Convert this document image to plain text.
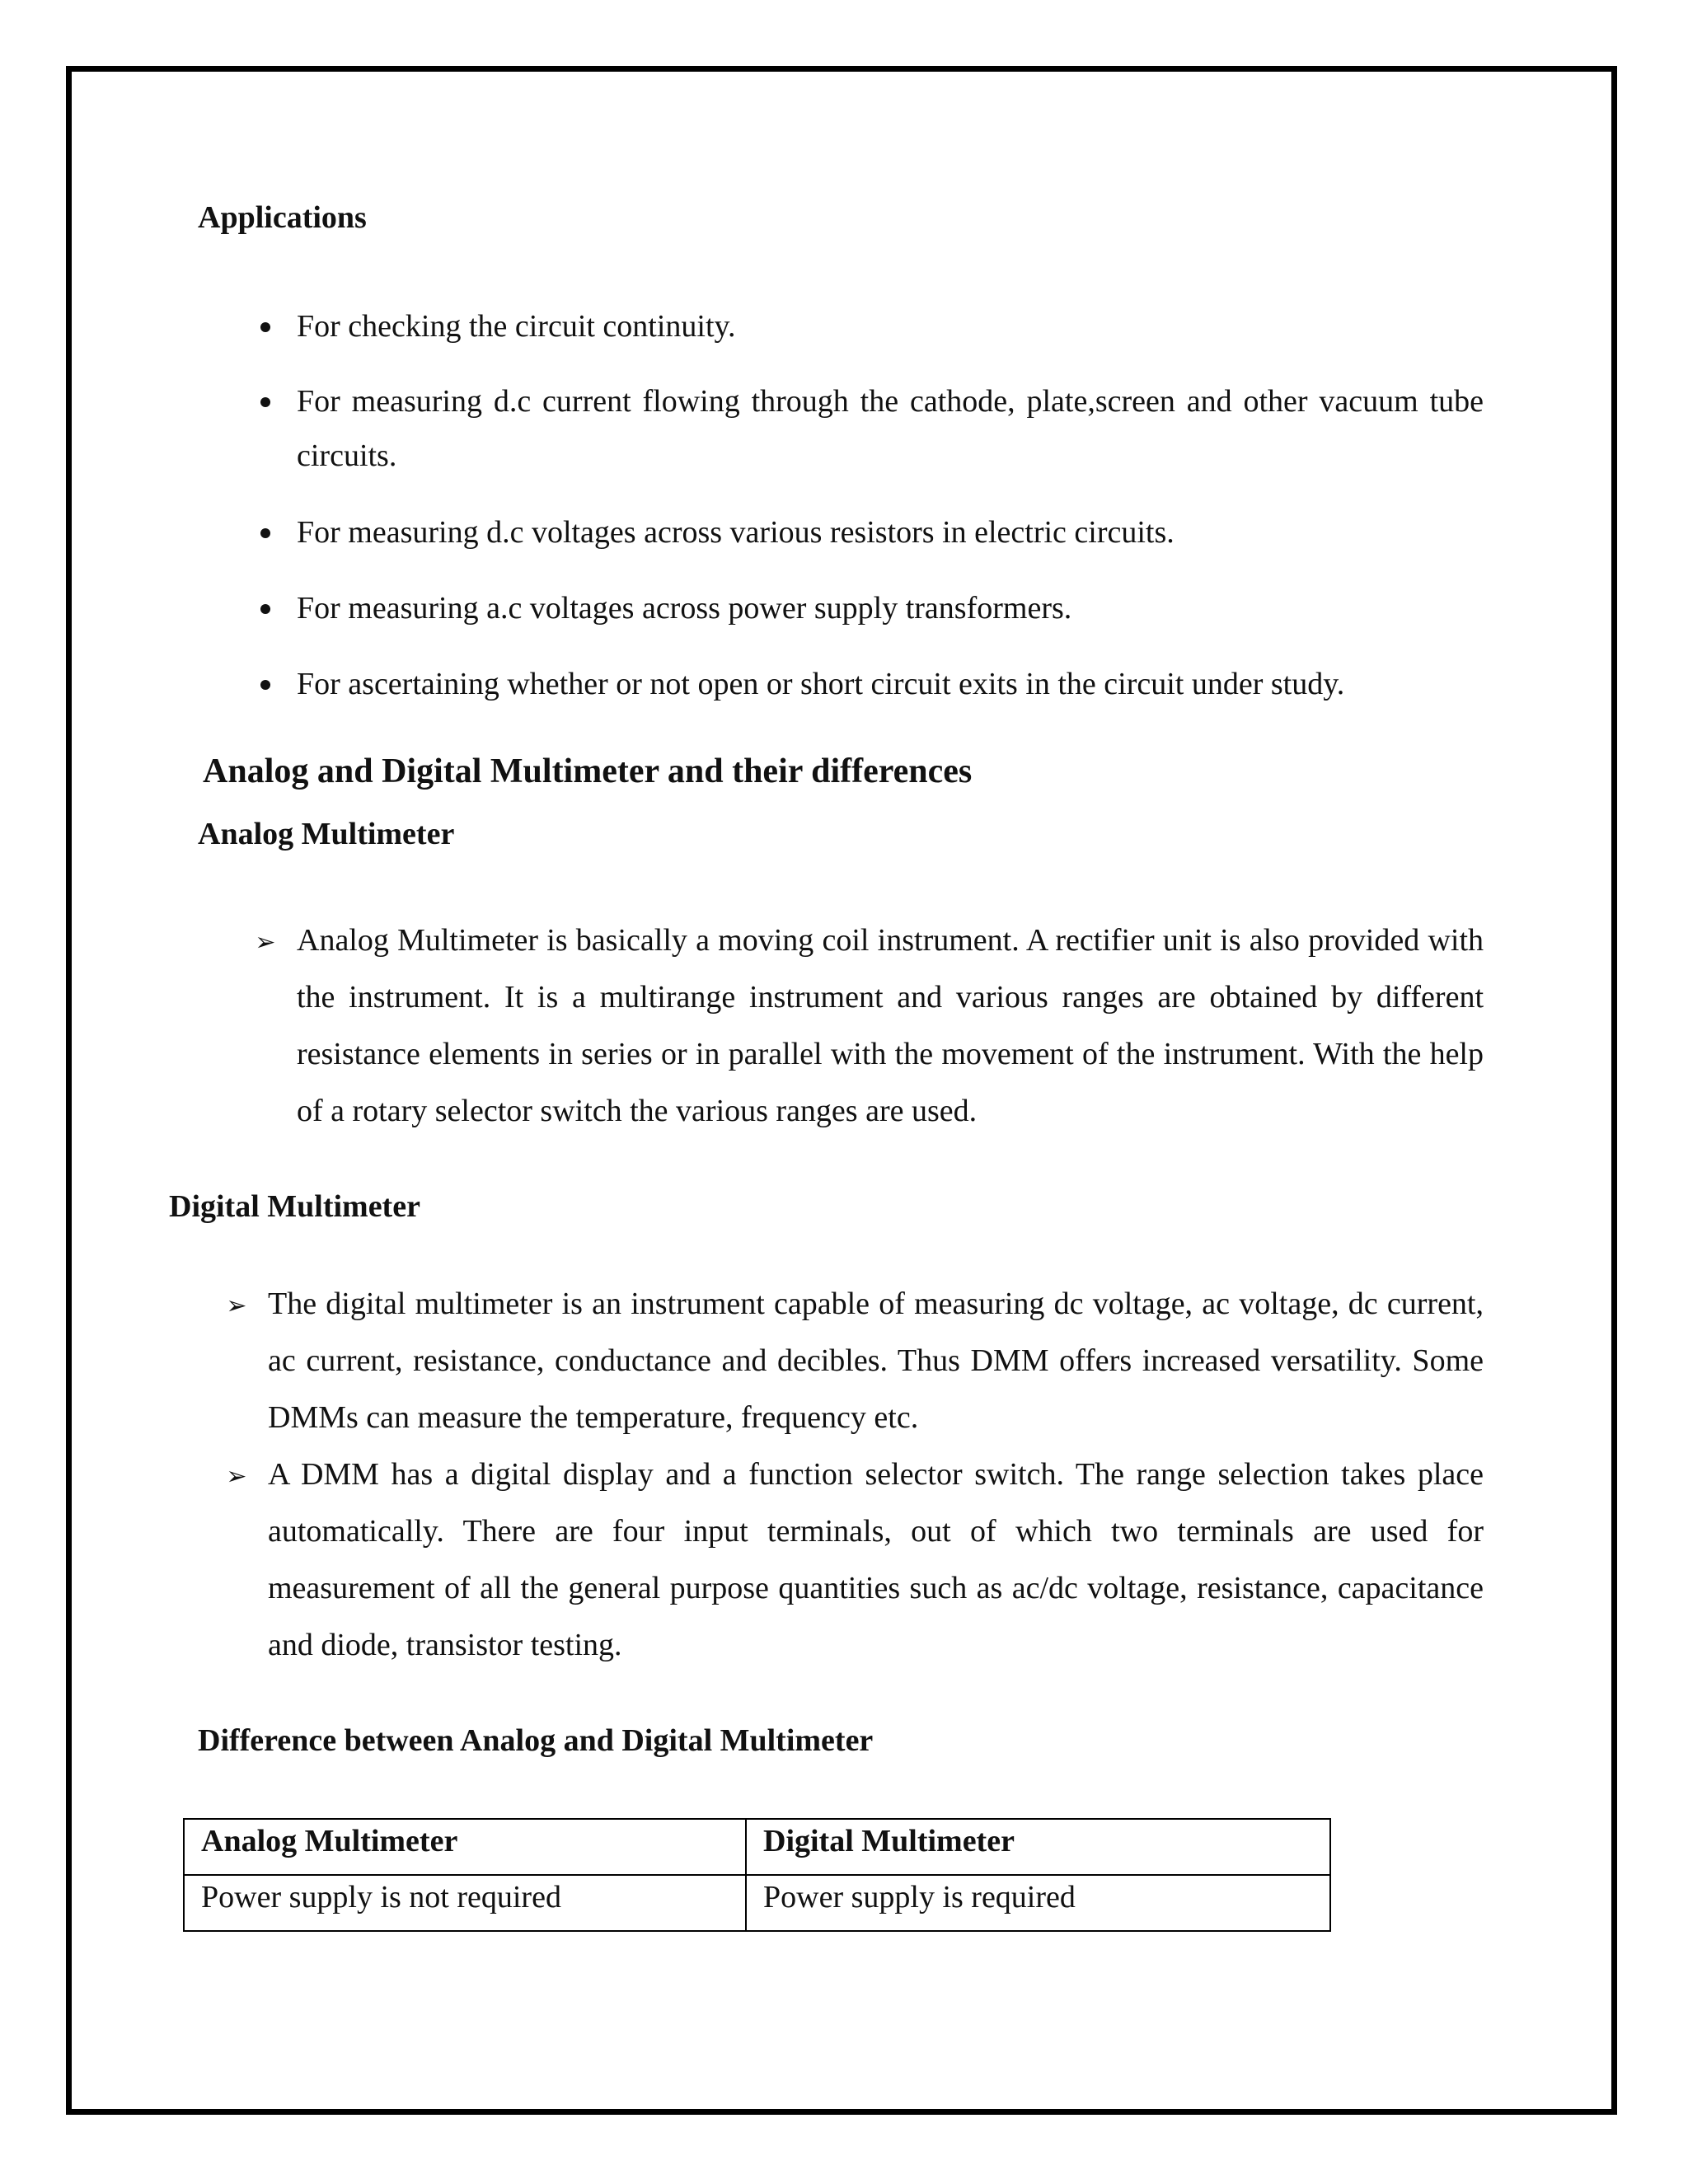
Applications
For checking the circuit continuity.
For measuring d.c current flowing through the cathode, plate,screen and other vacuum tube circuits.
For measuring d.c voltages across various resistors in electric circuits.
For measuring a.c voltages across power supply transformers.
For ascertaining whether or not open or short circuit exits in the circuit under study.
Analog and Digital Multimeter and their differences
Analog Multimeter
➢ Analog Multimeter is basically a moving coil instrument. A rectifier unit is also provided with the instrument. It is a multirange instrument and various ranges are obtained by different resistance elements in series or in parallel with the movement of the instrument. With the help of a rotary selector switch the various ranges are used.
Digital Multimeter
➢ The digital multimeter is an instrument capable of measuring dc voltage, ac voltage, dc current, ac current, resistance, conductance and decibles. Thus DMM offers increased versatility. Some DMMs can measure the temperature, frequency etc.
➢ A DMM has a digital display and a function selector switch. The range selection takes place automatically. There are four input terminals, out of which two terminals are used for measurement of all the general purpose quantities such as ac/dc voltage, resistance, capacitance and diode, transistor testing.
Difference between Analog and Digital Multimeter
Analog Multimeter	Digital Multimeter
Power supply is not required	Power supply is required
